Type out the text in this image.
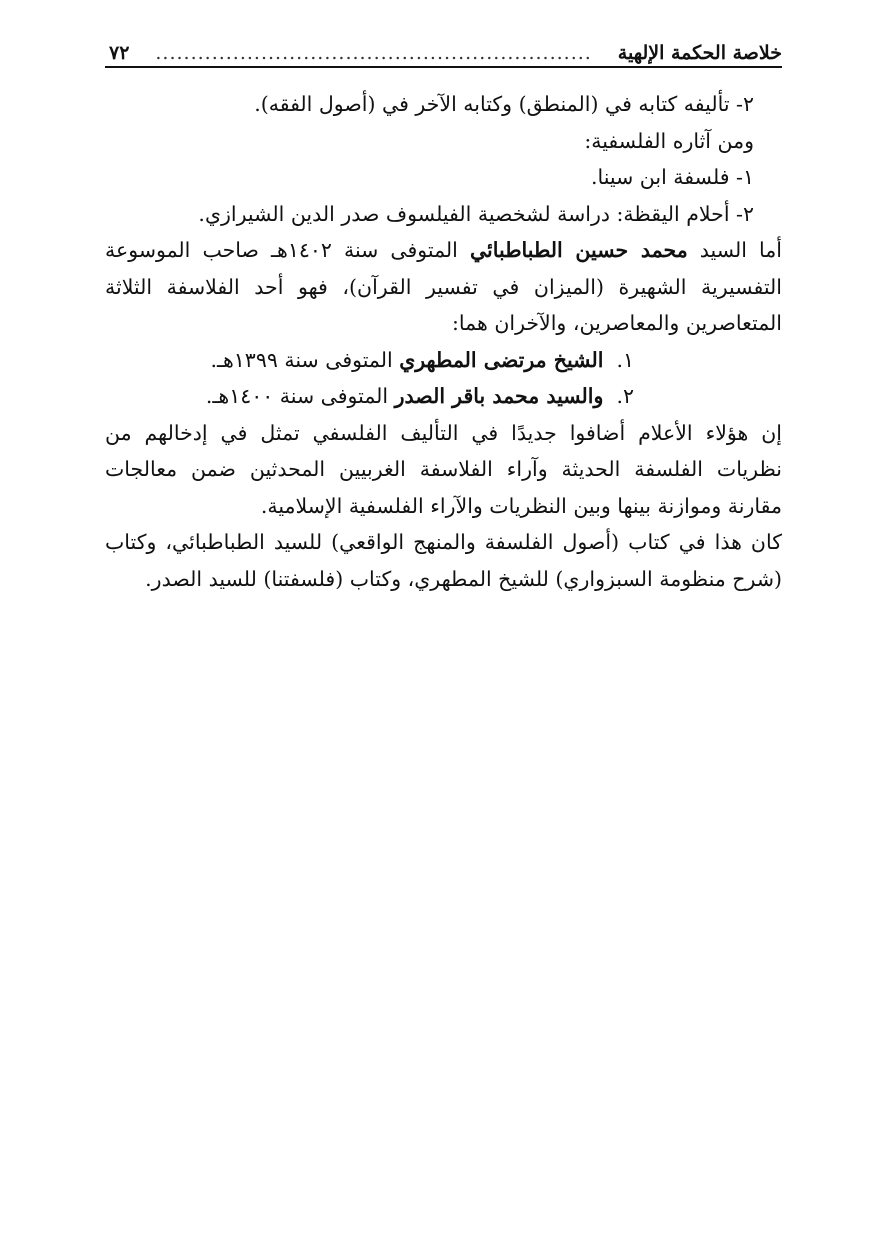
خلاصة الحكمة الإلهية
..............................................................
٧٢

٢- تأليفه كتابه في (المنطق) وكتابه الآخر في (أصول الفقه).

ومن آثاره الفلسفية:

١- فلسفة ابن سينا.

٢- أحلام اليقظة: دراسة لشخصية الفيلسوف صدر الدين الشيرازي.

أما السيد محمد حسين الطباطبائي المتوفى سنة ١٤٠٢هـ صاحب الموسوعة التفسيرية الشهيرة (الميزان في تفسير القرآن)، فهو أحد الفلاسفة الثلاثة المتعاصرين والمعاصرين، والآخران هما:

١.  الشيخ مرتضى المطهري المتوفى سنة ١٣٩٩هـ.

٢.  والسيد محمد باقر الصدر المتوفى سنة ١٤٠٠هـ.

إن هؤلاء الأعلام أضافوا جديدًا في التأليف الفلسفي تمثل في إدخالهم من نظريات الفلسفة الحديثة وآراء الفلاسفة الغربيين المحدثين ضمن معالجات مقارنة وموازنة بينها وبين النظريات والآراء الفلسفية الإسلامية.

كان هذا في كتاب (أصول الفلسفة والمنهج الواقعي) للسيد الطباطبائي، وكتاب (شرح منظومة السبزواري) للشيخ المطهري، وكتاب (فلسفتنا) للسيد الصدر.
